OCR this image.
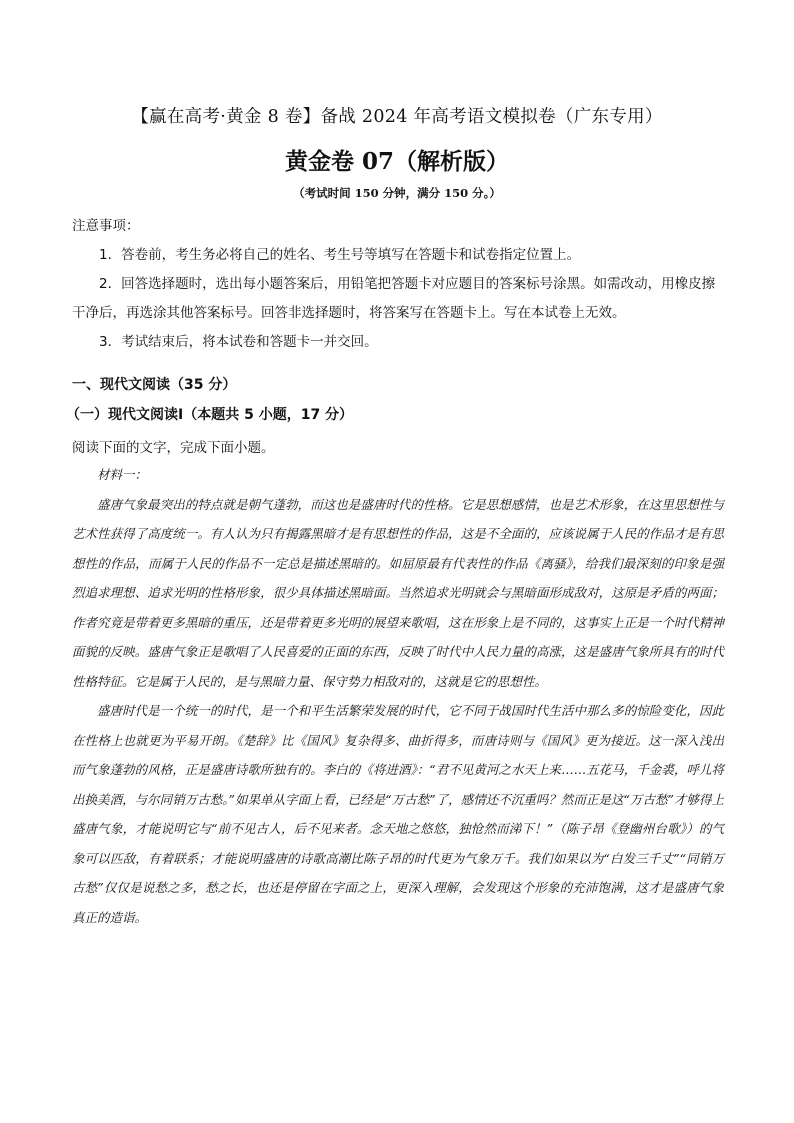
【赢在高考·黄金 8 卷】备战 2024 年高考语文模拟卷（广东专用）
黄金卷 07（解析版）
（考试时间 150 分钟，满分 150 分。）

注意事项：

1．答卷前，考生务必将自己的姓名、考生号等填写在答题卡和试卷指定位置上。

2．回答选择题时，选出每小题答案后，用铅笔把答题卡对应题目的答案标号涂黑。如需改动，用橡皮擦干净后，再选涂其他答案标号。回答非选择题时，将答案写在答题卡上。写在本试卷上无效。

3．考试结束后，将本试卷和答题卡一并交回。

一、现代文阅读（35 分）
（一）现代文阅读Ⅰ（本题共 5 小题，17 分）
阅读下面的文字，完成下面小题。

材料一：

盛唐气象最突出的特点就是朝气蓬勃，而这也是盛唐时代的性格。它是思想感情，也是艺术形象，在这里思想性与艺术性获得了高度统一。有人认为只有揭露黑暗才是有思想性的作品，这是不全面的，应该说属于人民的作品才是有思想性的作品，而属于人民的作品不一定总是描述黑暗的。如屈原最有代表性的作品《离骚》，给我们最深刻的印象是强烈追求理想、追求光明的性格形象，很少具体描述黑暗面。当然追求光明就会与黑暗面形成敌对，这原是矛盾的两面；作者究竟是带着更多黑暗的重压，还是带着更多光明的展望来歌唱，这在形象上是不同的，这事实上正是一个时代精神面貌的反映。盛唐气象正是歌唱了人民喜爱的正面的东西，反映了时代中人民力量的高涨，这是盛唐气象所具有的时代性格特征。它是属于人民的，是与黑暗力量、保守势力相敌对的，这就是它的思想性。

盛唐时代是一个统一的时代，是一个和平生活繁荣发展的时代，它不同于战国时代生活中那么多的惊险变化，因此在性格上也就更为平易开朗。《楚辞》比《国风》复杂得多、曲折得多，而唐诗则与《国风》更为接近。这一深入浅出而气象蓬勃的风格，正是盛唐诗歌所独有的。李白的《将进酒》：“君不见黄河之水天上来……五花马，千金裘，呼儿将出换美酒，与尔同销万古愁。”如果单从字面上看，已经是“万古愁”了，感情还不沉重吗？然而正是这“万古愁”才够得上盛唐气象，才能说明它与“前不见古人，后不见来者。念天地之悠悠，独怆然而涕下！”（陈子昂《登幽州台歌》）的气象可以匹敌，有着联系；才能说明盛唐的诗歌高潮比陈子昂的时代更为气象万千。我们如果以为“白发三千丈”“同销万古愁”仅仅是说愁之多，愁之长，也还是停留在字面之上，更深入理解，会发现这个形象的充沛饱满，这才是盛唐气象真正的造诣。
